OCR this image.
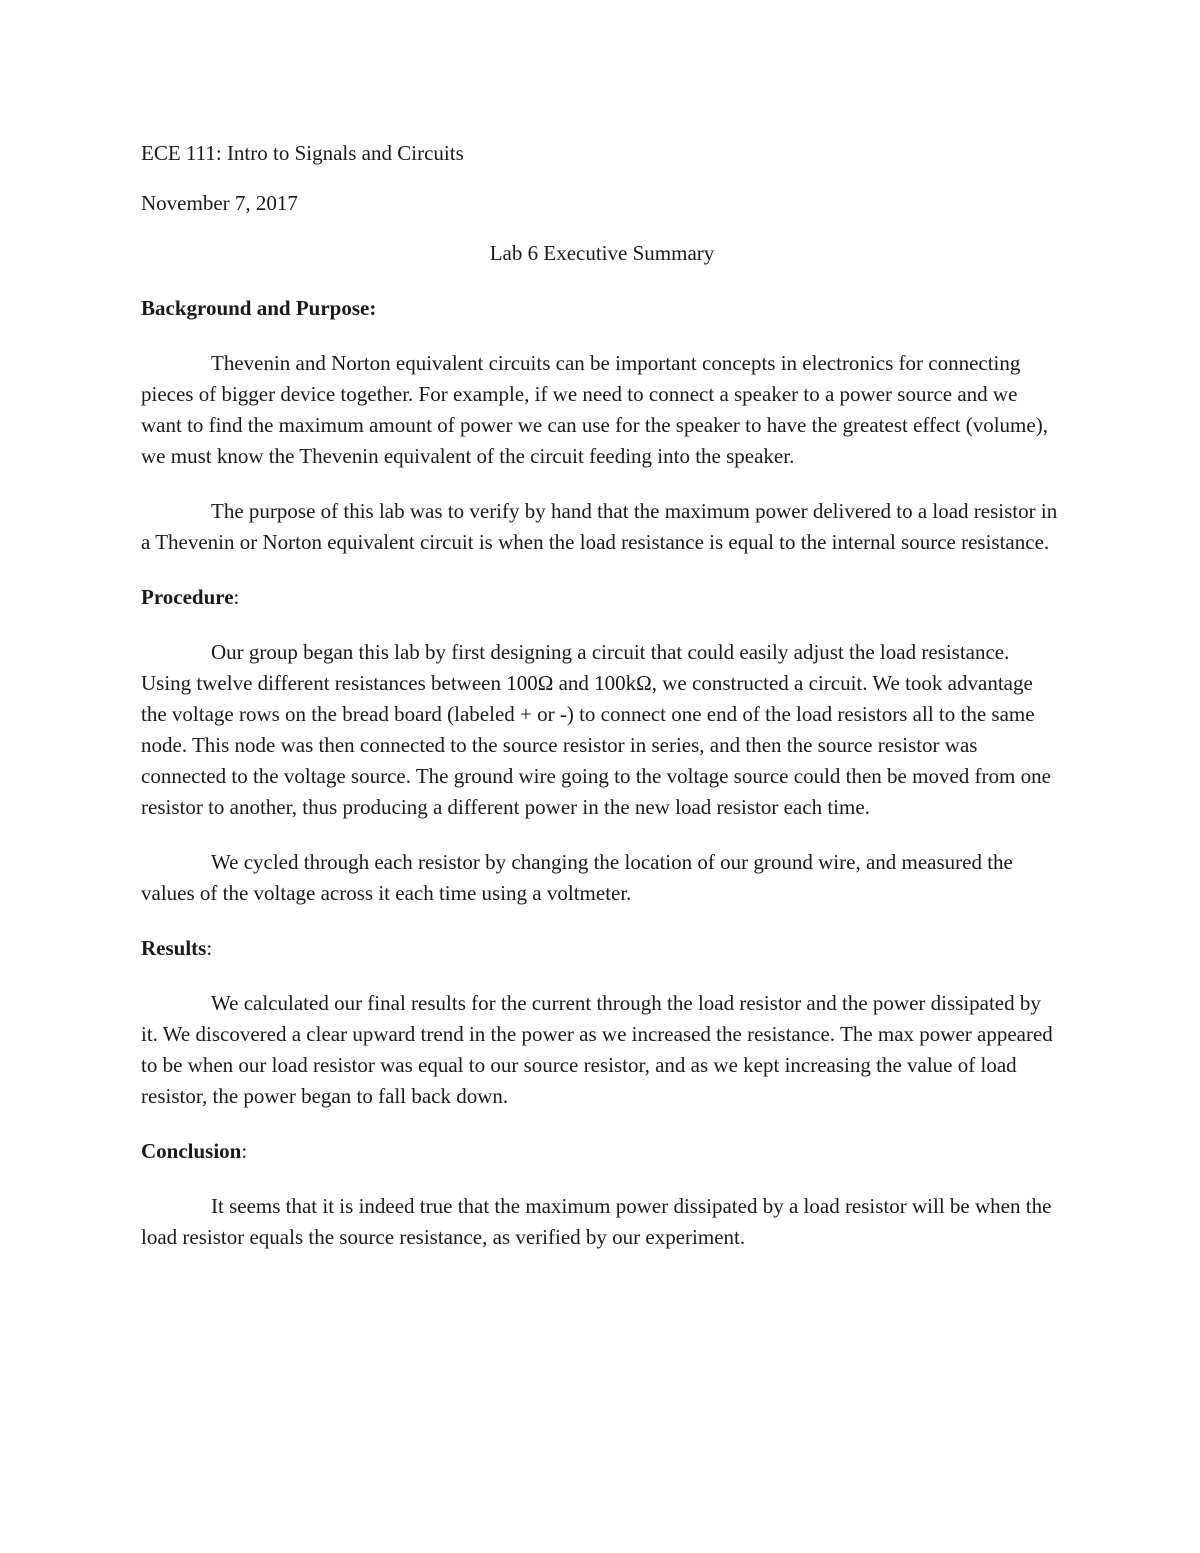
ECE 111: Intro to Signals and Circuits

November 7, 2017

Lab 6 Executive Summary
Background and Purpose:

Thevenin and Norton equivalent circuits can be important concepts in electronics for connecting pieces of bigger device together. For example, if we need to connect a speaker to a power source and we want to find the maximum amount of power we can use for the speaker to have the greatest effect (volume), we must know the Thevenin equivalent of the circuit feeding into the speaker.

The purpose of this lab was to verify by hand that the maximum power delivered to a load resistor in a Thevenin or Norton equivalent circuit is when the load resistance is equal to the internal source resistance.

Procedure:

Our group began this lab by first designing a circuit that could easily adjust the load resistance. Using twelve different resistances between 100Ω and 100kΩ, we constructed a circuit. We took advantage the voltage rows on the bread board (labeled + or -) to connect one end of the load resistors all to the same node. This node was then connected to the source resistor in series, and then the source resistor was connected to the voltage source. The ground wire going to the voltage source could then be moved from one resistor to another, thus producing a different power in the new load resistor each time.

We cycled through each resistor by changing the location of our ground wire, and measured the values of the voltage across it each time using a voltmeter.

Results:

We calculated our final results for the current through the load resistor and the power dissipated by it. We discovered a clear upward trend in the power as we increased the resistance. The max power appeared to be when our load resistor was equal to our source resistor, and as we kept increasing the value of load resistor, the power began to fall back down.

Conclusion:

It seems that it is indeed true that the maximum power dissipated by a load resistor will be when the load resistor equals the source resistance, as verified by our experiment.
